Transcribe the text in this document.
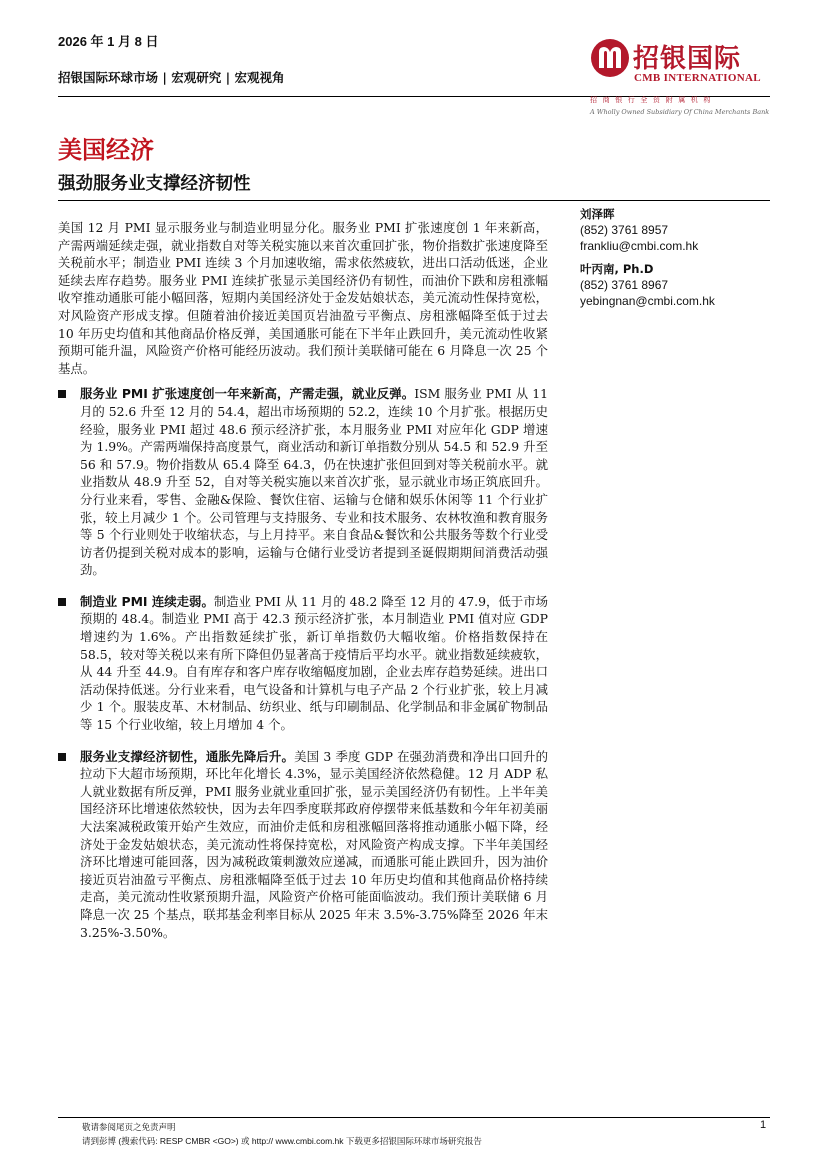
2026 年 1 月 8 日
招银国际环球市场 | 宏观研究 | 宏观视角
招银国际
CMB INTERNATIONAL
招商银行全资附属机构
A Wholly Owned Subsidiary Of China Merchants Bank
美国经济
强劲服务业支撑经济韧性
刘泽晖
(852) 3761 8957
frankliu@cmbi.com.hk
叶丙南, Ph.D
(852) 3761 8967
yebingnan@cmbi.com.hk

美国 12 月 PMI 显示服务业与制造业明显分化。服务业 PMI 扩张速度创 1 年来新高，产需两端延续走强，就业指数自对等关税实施以来首次重回扩张，物价指数扩张速度降至关税前水平；制造业 PMI 连续 3 个月加速收缩，需求依然疲软，进出口活动低迷，企业延续去库存趋势。服务业 PMI 连续扩张显示美国经济仍有韧性，而油价下跌和房租涨幅收窄推动通胀可能小幅回落，短期内美国经济处于金发姑娘状态，美元流动性保持宽松，对风险资产形成支撑。但随着油价接近美国页岩油盈亏平衡点、房租涨幅降至低于过去 10 年历史均值和其他商品价格反弹，美国通胀可能在下半年止跌回升，美元流动性收紧预期可能升温，风险资产价格可能经历波动。我们预计美联储可能在 6 月降息一次 25 个基点。

服务业 PMI 扩张速度创一年来新高，产需走强，就业反弹。ISM 服务业 PMI 从 11 月的 52.6 升至 12 月的 54.4，超出市场预期的 52.2，连续 10 个月扩张。根据历史经验，服务业 PMI 超过 48.6 预示经济扩张，本月服务业 PMI 对应年化 GDP 增速为 1.9%。产需两端保持高度景气，商业活动和新订单指数分别从 54.5 和 52.9 升至 56 和 57.9。物价指数从 65.4 降至 64.3，仍在快速扩张但回到对等关税前水平。就业指数从 48.9 升至 52，自对等关税实施以来首次扩张，显示就业市场正筑底回升。分行业来看，零售、金融&保险、餐饮住宿、运输与仓储和娱乐休闲等 11 个行业扩张，较上月减少 1 个。公司管理与支持服务、专业和技术服务、农林牧渔和教育服务等 5 个行业则处于收缩状态，与上月持平。来自食品&餐饮和公共服务等数个行业受访者仍提到关税对成本的影响，运输与仓储行业受访者提到圣诞假期期间消费活动强劲。
制造业 PMI 连续走弱。制造业 PMI 从 11 月的 48.2 降至 12 月的 47.9，低于市场预期的 48.4。制造业 PMI 高于 42.3 预示经济扩张，本月制造业 PMI 值对应 GDP 增速约为 1.6%。产出指数延续扩张，新订单指数仍大幅收缩。价格指数保持在 58.5，较对等关税以来有所下降但仍显著高于疫情后平均水平。就业指数延续疲软，从 44 升至 44.9。自有库存和客户库存收缩幅度加剧，企业去库存趋势延续。进出口活动保持低迷。分行业来看，电气设备和计算机与电子产品 2 个行业扩张，较上月减少 1 个。服装皮革、木材制品、纺织业、纸与印刷制品、化学制品和非金属矿物制品等 15 个行业收缩，较上月增加 4 个。
服务业支撑经济韧性，通胀先降后升。美国 3 季度 GDP 在强劲消费和净出口回升的拉动下大超市场预期，环比年化增长 4.3%，显示美国经济依然稳健。12 月 ADP 私人就业数据有所反弹，PMI 服务业就业重回扩张，显示美国经济仍有韧性。上半年美国经济环比增速依然较快，因为去年四季度联邦政府停摆带来低基数和今年年初美丽大法案减税政策开始产生效应，而油价走低和房租涨幅回落将推动通胀小幅下降，经济处于金发姑娘状态，美元流动性将保持宽松，对风险资产构成支撑。下半年美国经济环比增速可能回落，因为减税政策刺激效应递减，而通胀可能止跌回升，因为油价接近页岩油盈亏平衡点、房租涨幅降至低于过去 10 年历史均值和其他商品价格持续走高，美元流动性收紧预期升温，风险资产价格可能面临波动。我们预计美联储 6 月降息一次 25 个基点，联邦基金利率目标从 2025 年末 3.5%-3.75%降至 2026 年末 3.25%-3.50%。
敬请参阅尾页之免责声明
请到彭博 (搜索代码: RESP CMBR <GO>) 或 http:// www.cmbi.com.hk 下载更多招银国际环球市场研究报告
1
